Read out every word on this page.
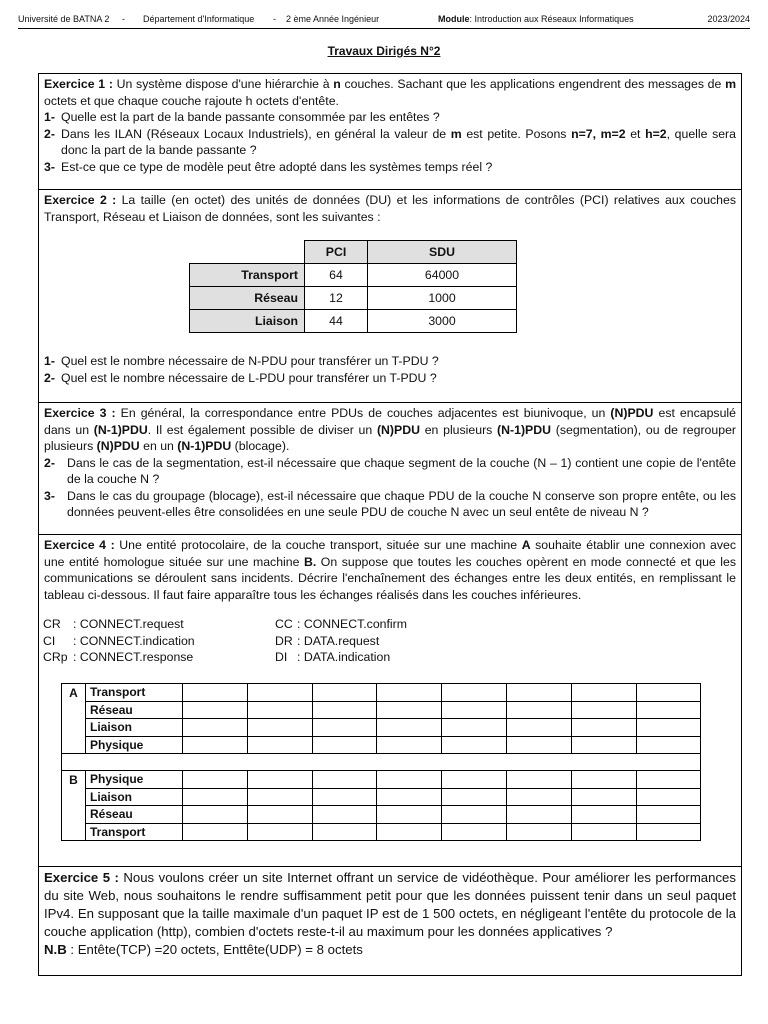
Université de BATNA 2 - Département d'Informatique - 2 ème Année Ingénieur	Module: Introduction aux Réseaux Informatiques	2023/2024
Travaux Dirigés N°2

Exercice 1 : Un système dispose d'une hiérarchie à n couches. Sachant que les applications engendrent des messages de m octets et que chaque couche rajoute h octets d'entête.

1- Quelle est la part de la bande passante consommée par les entêtes ?
2- Dans les ILAN (Réseaux Locaux Industriels), en général la valeur de m est petite. Posons n=7, m=2 et h=2, quelle sera donc la part de la bande passante ?
3- Est-ce que ce type de modèle peut être adopté dans les systèmes temps réel ?

Exercice 2 : La taille (en octet) des unités de données (DU) et les informations de contrôles (PCI) relatives aux couches Transport, Réseau et Liaison de données, sont les suivantes :

	PCI	SDU
Transport	64	64000
Réseau	12	1000
Liaison	44	3000
1- Quel est le nombre nécessaire de N-PDU pour transférer un T-PDU ?
2- Quel est le nombre nécessaire de L-PDU pour transférer un T-PDU ?

Exercice 3 : En général, la correspondance entre PDUs de couches adjacentes est biunivoque, un (N)PDU est encapsulé dans un (N-1)PDU. Il est également possible de diviser un (N)PDU en plusieurs (N-1)PDU (segmentation), ou de regrouper plusieurs (N)PDU en un (N-1)PDU (blocage).

2- Dans le cas de la segmentation, est-il nécessaire que chaque segment de la couche (N – 1) contient une copie de l'entête de la couche N ?
3- Dans le cas du groupage (blocage), est-il nécessaire que chaque PDU de la couche N conserve son propre entête, ou les données peuvent-elles être consolidées en une seule PDU de couche N avec un seul entête de niveau N ?

Exercice 4 : Une entité protocolaire, de la couche transport, située sur une machine A souhaite établir une connexion avec une entité homologue située sur une machine B. On suppose que toutes les couches opèrent en mode connecté et que les communications se déroulent sans incidents. Décrire l'enchaînement des échanges entre les deux entités, en remplissant le tableau ci-dessous. Il faut faire apparaître tous les échanges réalisés dans les couches inférieures.

CR : CONNECT.request
CI : CONNECT.indication
CRp : CONNECT.response
CC : CONNECT.confirm
DR : DATA.request
DI : DATA.indication
A	Transport								
	Réseau								
	Liaison								
	Physique								

B	Physique								
	Liaison								
	Réseau								
	Transport								

Exercice 5 : Nous voulons créer un site Internet offrant un service de vidéothèque. Pour améliorer les performances du site Web, nous souhaitons le rendre suffisamment petit pour que les données puissent tenir dans un seul paquet IPv4. En supposant que la taille maximale d'un paquet IP est de 1 500 octets, en négligeant l'entête du protocole de la couche application (http), combien d'octets reste-t-il au maximum pour les données applicatives ?

N.B : Entête(TCP) =20 octets, Enttête(UDP) = 8 octets
